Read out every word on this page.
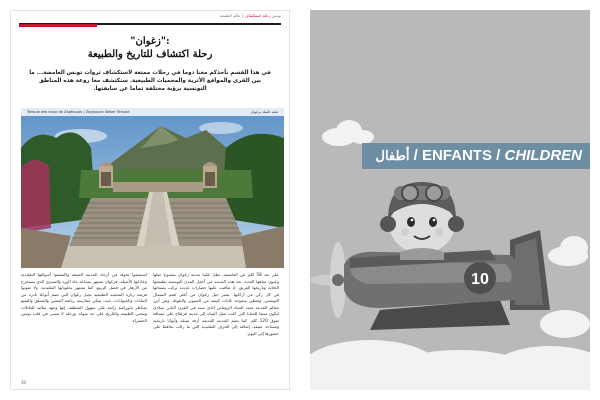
تونس رحلة استكشاف | عالم الطبيعة
"زغوان":
رحلة اكتشاف للتاريخ والطبيعة

في هذا القسم نأخذكم معنا دوما في رحلات ممتعة لاستكشاف ثروات تونس الغامضة... ما بين القرى والمواقع الأثرية والمحميات الطبيعية. سنكتشف معا روعة هذه المناطق التونسية برؤية مختلفة تماما عن سابقتها.

Temple des eaux de Zaghouan / Zaghouan Water Temple	معبد المياه بزغوان

على بعد 58 كلم عن العاصمة، تطل علينا مدينة زغوان بشموخ جبلها وعيون مياهها العذبة. تعد هذه المدينة من أجمل المدن التونسية بطبيعتها الخلابة وتاريخها العريق، إذ تعاقبت عليها حضارات عديدة تركت بصماتها في كل ركن من أركانها. يعتبر جبل زغوان من أعلى قمم الشمال التونسي، وتغطي سفوحه غابات كثيفة من الصنوبر والبلوط. ومن أبرز معالم المدينة معبد المياه الروماني الذي شيد في القرن الثاني ميلادي ليكون منبعا للحنايا التي كانت تنقل المياه إلى مدينة قرطاج على مسافة تفوق 120 كلم. كما تضم المدينة القديمة أزقة ضيقة وأبوابا تاريخية ومساجد عتيقة، إضافة إلى الحرف التقليدية التي ما زالت تحافظ على حضورها إلى اليوم.

استمتعوا بجولة في أرجاء المدينة العتيقة واكتشفوا أسواقها التقليدية وعاداتها الأصيلة، فزغوان تشتهر بصناعة ماء الورد والنسري الذي يستخرج من الأزهار في فصل الربيع، كما تشتهر بحلوياتها التقليدية. ولا تفوتوا فرصة زيارة المحمية الطبيعية بجبل زغوان التي تضم أنواعا نادرة من النباتات والحيوانات، حيث يمكن ممارسة رياضة المشي والتسلق والتمتع بمناظر بانورامية رائعة على سهول المنطقة. إنها وجهة مثالية للعائلات ومحبي الطبيعة والتاريخ على حد سواء، ورحلة لا تنسى في قلب تونس الخضراء.

30
أطفال / ENFANTS / CHILDREN
10
